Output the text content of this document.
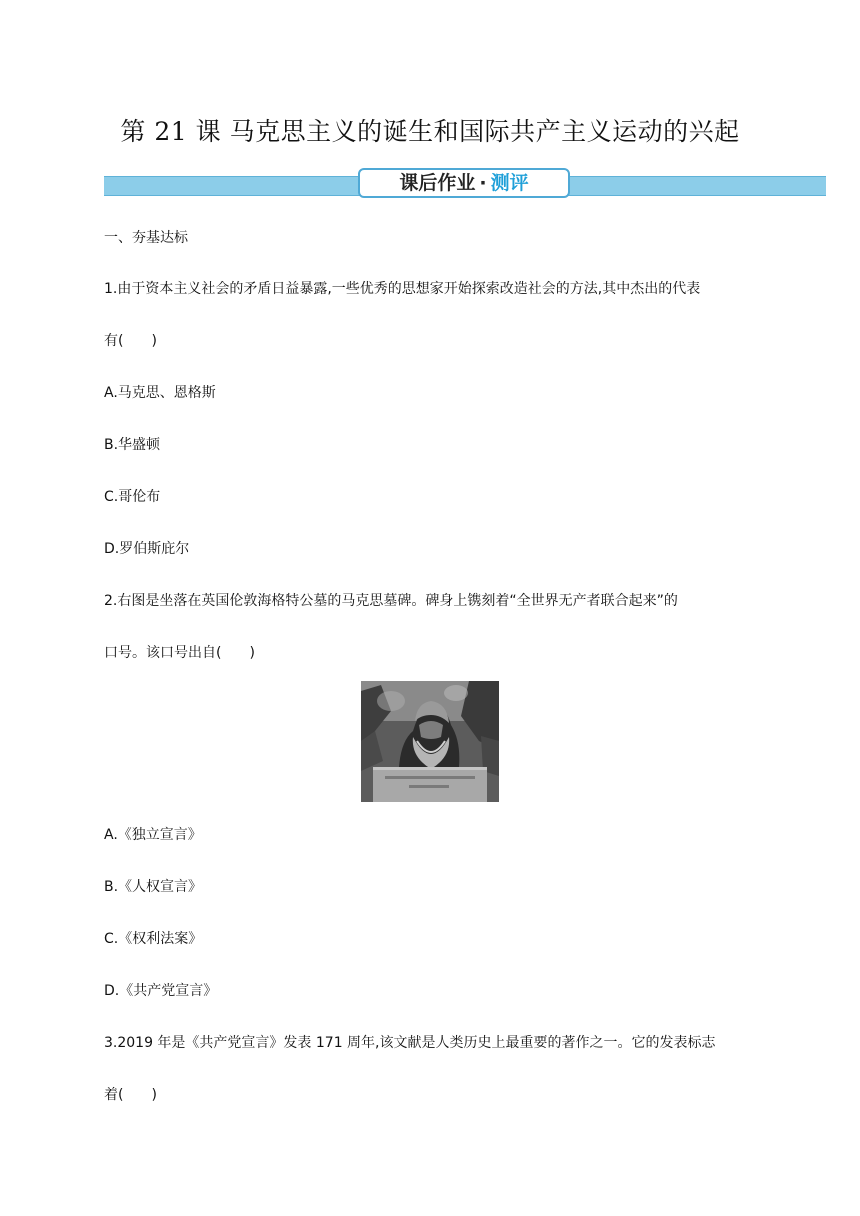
第 21 课 马克思主义的诞生和国际共产主义运动的兴起
课后作业 · 测评
一、夯基达标
1.由于资本主义社会的矛盾日益暴露,一些优秀的思想家开始探索改造社会的方法,其中杰出的代表
有(　　)
A.马克思、恩格斯
B.华盛顿
C.哥伦布
D.罗伯斯庇尔
2.右图是坐落在英国伦敦海格特公墓的马克思墓碑。碑身上镌刻着“全世界无产者联合起来”的
口号。该口号出自(　　)
A.《独立宣言》
B.《人权宣言》
C.《权利法案》
D.《共产党宣言》
3.2019 年是《共产党宣言》发表 171 周年,该文献是人类历史上最重要的著作之一。它的发表标志
着(　　)
